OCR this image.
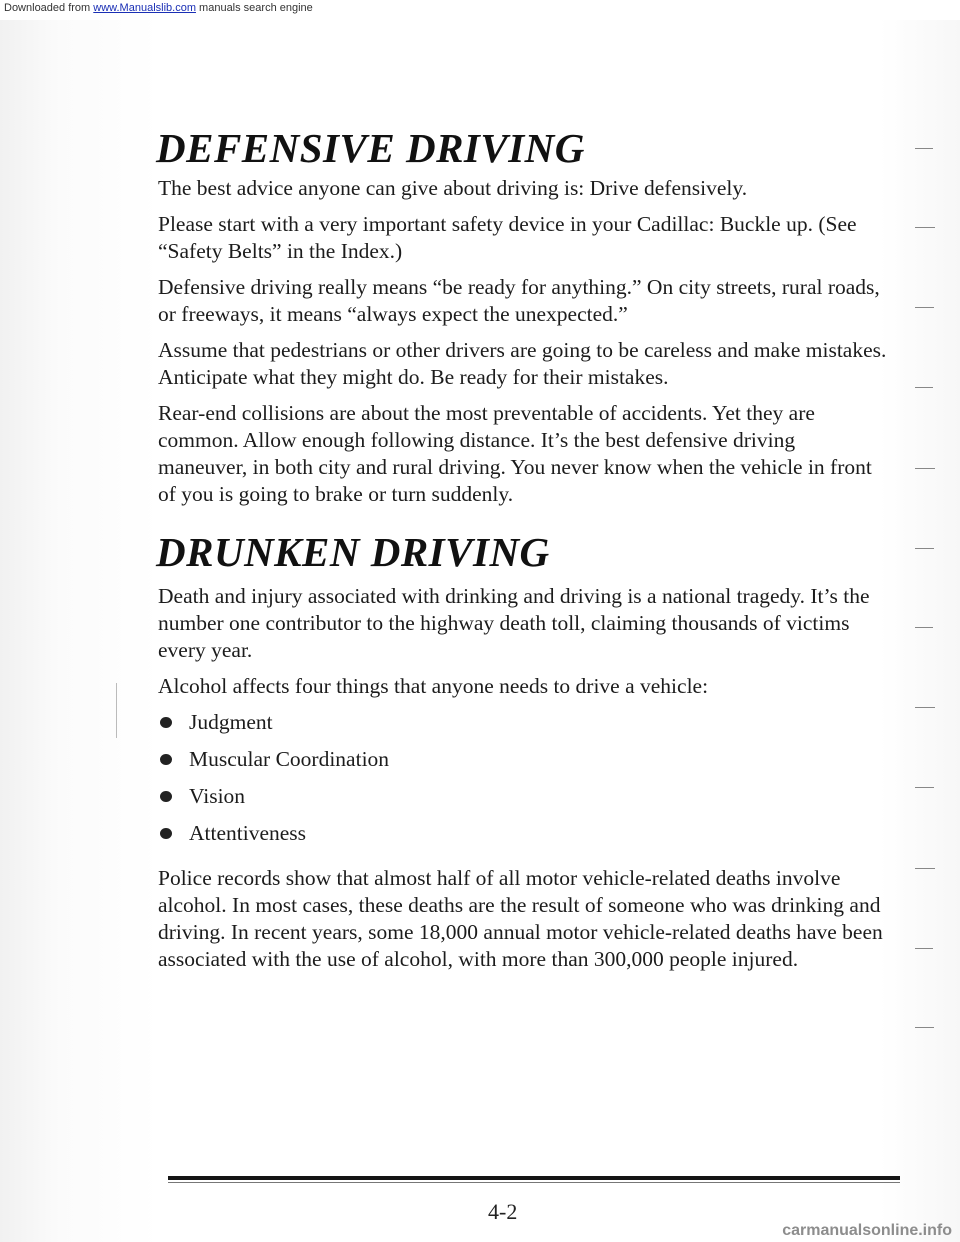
Downloaded from www.Manualslib.com manuals search engine
DEFENSIVE DRIVING

The best advice anyone can give about driving is: Drive defensively.

Please start with a very important safety device in your Cadillac: Buckle up. (See “Safety Belts” in the Index.)

Defensive driving really means “be ready for anything.” On city streets, rural roads, or freeways, it means “always expect the unexpected.”

Assume that pedestrians or other drivers are going to be careless and make mistakes. Anticipate what they might do. Be ready for their mistakes.

Rear-end collisions are about the most preventable of accidents. Yet they are common. Allow enough following distance. It’s the best defensive driving maneuver, in both city and rural driving. You never know when the vehicle in front of you is going to brake or turn suddenly.

DRUNKEN DRIVING

Death and injury associated with drinking and driving is a national tragedy. It’s the number one contributor to the highway death toll, claiming thousands of victims every year.

Alcohol affects four things that anyone needs to drive a vehicle:

Judgment
Muscular Coordination
Vision
Attentiveness

Police records show that almost half of all motor vehicle-related deaths involve alcohol. In most cases, these deaths are the result of someone who was drinking and driving. In recent years, some 18,000 annual motor vehicle-related deaths have been associated with the use of alcohol, with more than 300,000 people injured.

4-2
carmanualsonline.info
